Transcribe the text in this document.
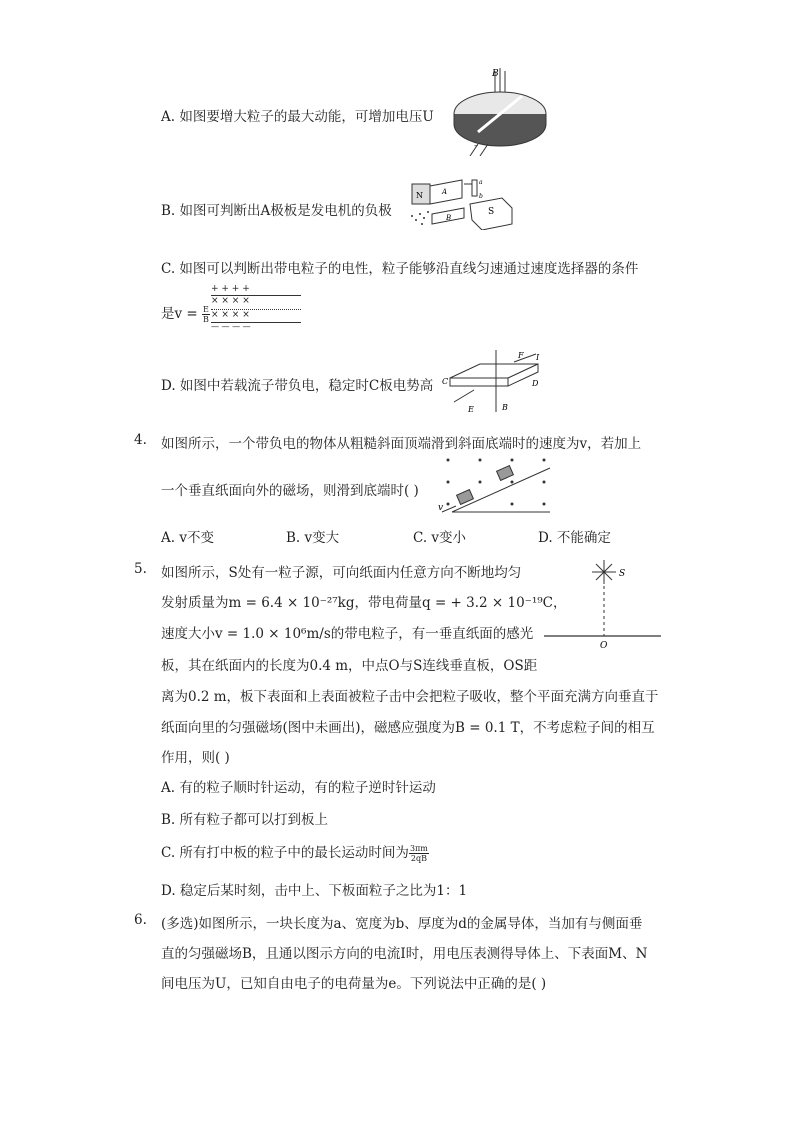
A. 如图要增大粒子的最大动能，可增加电压U
B
–
B. 如图可判断出A极板是发电机的负极
N	A
B
a
b
S
C. 如图可以判断出带电粒子的电性，粒子能够沿直线匀速通过速度选择器的条件
是$v = \frac{E}{B}$
+ + + +
× × × ×
× × × ×
— — — —
D. 如图中若载流子带负电，稳定时C板电势高
F I
C	D
E	B
4. 如图所示，一个带负电的物体从粗糙斜面顶端滑到斜面底端时的速度为v，若加上
一个垂直纸面向外的磁场，则滑到底端时( )
v
A. v不变	B. v变大	C. v变小	D. 不能确定
5. 如图所示，S处有一粒子源，可向纸面内任意方向不断地均匀
发射质量为m = 6.4 × 10⁻²⁷kg，带电荷量q = + 3.2 × 10⁻¹⁹C，
速度大小v = 1.0 × 10⁶m/s的带电粒子，有一垂直纸面的感光
板，其在纸面内的长度为0.4 m，中点O与S连线垂直板，OS距
离为0.2 m，板下表面和上表面被粒子击中会把粒子吸收，整个平面充满方向垂直于
纸面向里的匀强磁场(图中未画出)，磁感应强度为B = 0.1 T，不考虑粒子间的相互
作用，则( )
S
O
A. 有的粒子顺时针运动，有的粒子逆时针运动
B. 所有粒子都可以打到板上
C. 所有打中板的粒子中的最长运动时间为 $\frac{3\pi m}{2qB}$
D. 稳定后某时刻，击中上、下板面粒子之比为1：1
6. (多选)如图所示，一块长度为a、宽度为b、厚度为d的金属导体，当加有与侧面垂
直的匀强磁场B，且通以图示方向的电流I时，用电压表测得导体上、下表面M、N
间电压为U，已知自由电子的电荷量为e。下列说法中正确的是( )
